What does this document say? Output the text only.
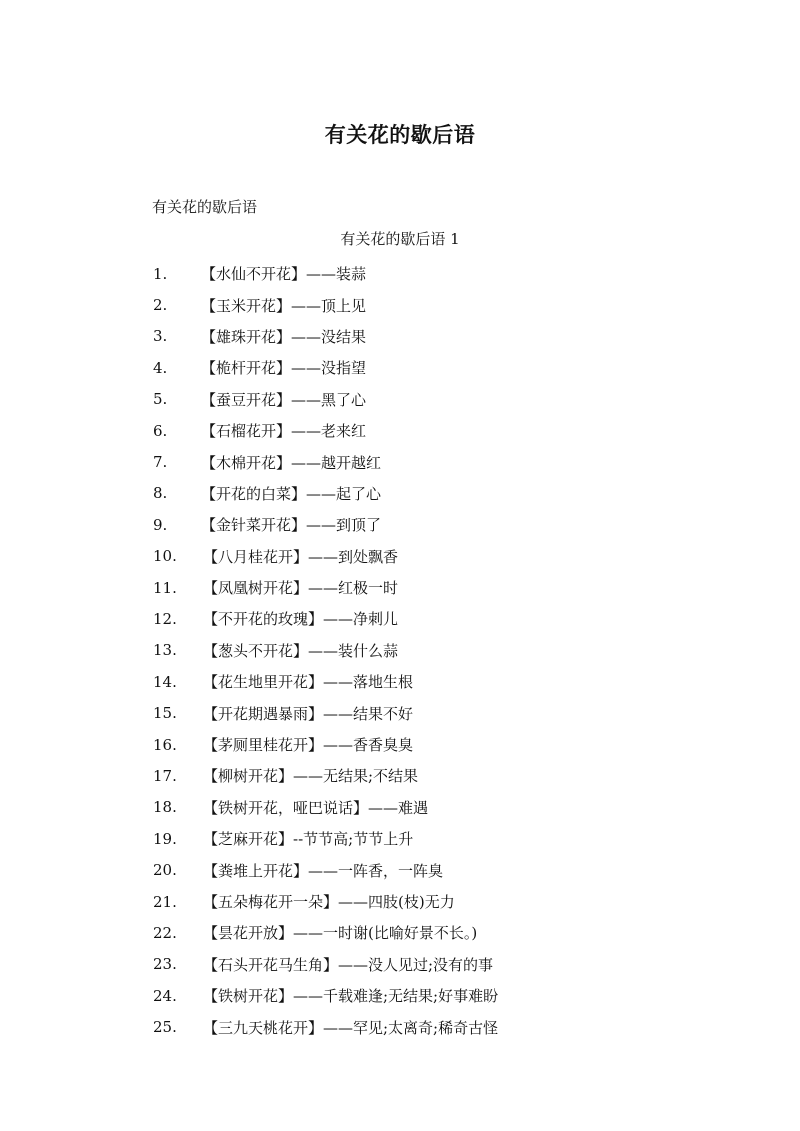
有关花的歇后语
有关花的歇后语
有关花的歇后语 1
1.	【水仙不开花】——装蒜
2.	【玉米开花】——顶上见
3.	【雄珠开花】——没结果
4.	【桅杆开花】——没指望
5.	【蚕豆开花】——黑了心
6.	【石榴花开】——老来红
7.	【木棉开花】——越开越红
8.	【开花的白菜】——起了心
9.	【金针菜开花】——到顶了
10.	【八月桂花开】——到处飘香
11.	【凤凰树开花】——红极一时
12.	【不开花的玫瑰】——净刺儿
13.	【葱头不开花】——装什么蒜
14.	【花生地里开花】——落地生根
15.	【开花期遇暴雨】——结果不好
16.	【茅厕里桂花开】——香香臭臭
17.	【柳树开花】——无结果;不结果
18.	【铁树开花，哑巴说话】——难遇
19.	【芝麻开花】--节节高;节节上升
20.	【粪堆上开花】——一阵香，一阵臭
21.	【五朵梅花开一朵】——四肢(枝)无力
22.	【昙花开放】——一时谢(比喻好景不长。)
23.	【石头开花马生角】——没人见过;没有的事
24.	【铁树开花】——千载难逢;无结果;好事难盼
25.	【三九天桃花开】——罕见;太离奇;稀奇古怪
